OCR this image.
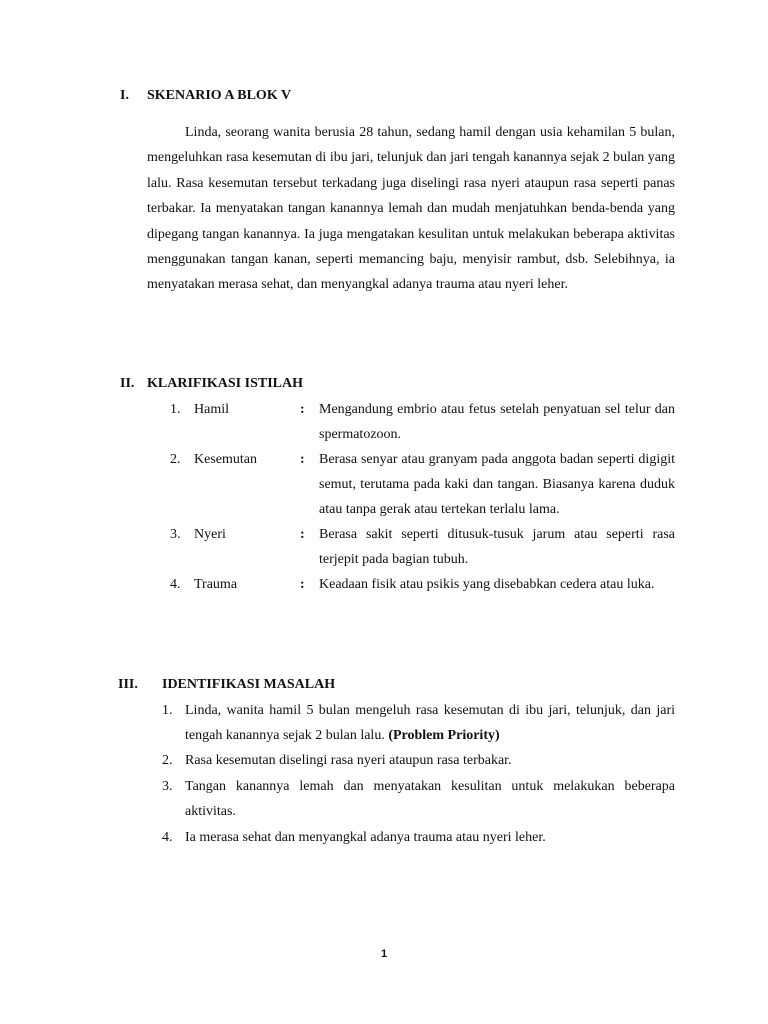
I. SKENARIO A BLOK V
Linda, seorang wanita berusia 28 tahun, sedang hamil dengan usia kehamilan 5 bulan, mengeluhkan rasa kesemutan di ibu jari, telunjuk dan jari tengah kanannya sejak 2 bulan yang lalu. Rasa kesemutan tersebut terkadang juga diselingi rasa nyeri ataupun rasa seperti panas terbakar. Ia menyatakan tangan kanannya lemah dan mudah menjatuhkan benda-benda yang dipegang tangan kanannya. Ia juga mengatakan kesulitan untuk melakukan beberapa aktivitas menggunakan tangan kanan, seperti memancing baju, menyisir rambut, dsb. Selebihnya, ia menyatakan merasa sehat, dan menyangkal adanya trauma atau nyeri leher.
II. KLARIFIKASI ISTILAH
1. Hamil	: Mengandung embrio atau fetus setelah penyatuan sel telur dan spermatozoon.
2. Kesemutan	: Berasa senyar atau granyam pada anggota badan seperti digigit semut, terutama pada kaki dan tangan. Biasanya karena duduk atau tanpa gerak atau tertekan terlalu lama.
3. Nyeri	: Berasa sakit seperti ditusuk-tusuk jarum atau seperti rasa terjepit pada bagian tubuh.
4. Trauma	: Keadaan fisik atau psikis yang disebabkan cedera atau luka.
III. IDENTIFIKASI MASALAH
1. Linda, wanita hamil 5 bulan mengeluh rasa kesemutan di ibu jari, telunjuk, dan jari tengah kanannya sejak 2 bulan lalu. (Problem Priority)
2. Rasa kesemutan diselingi rasa nyeri ataupun rasa terbakar.
3. Tangan kanannya lemah dan menyatakan kesulitan untuk melakukan beberapa aktivitas.
4. Ia merasa sehat dan menyangkal adanya trauma atau nyeri leher.
1
